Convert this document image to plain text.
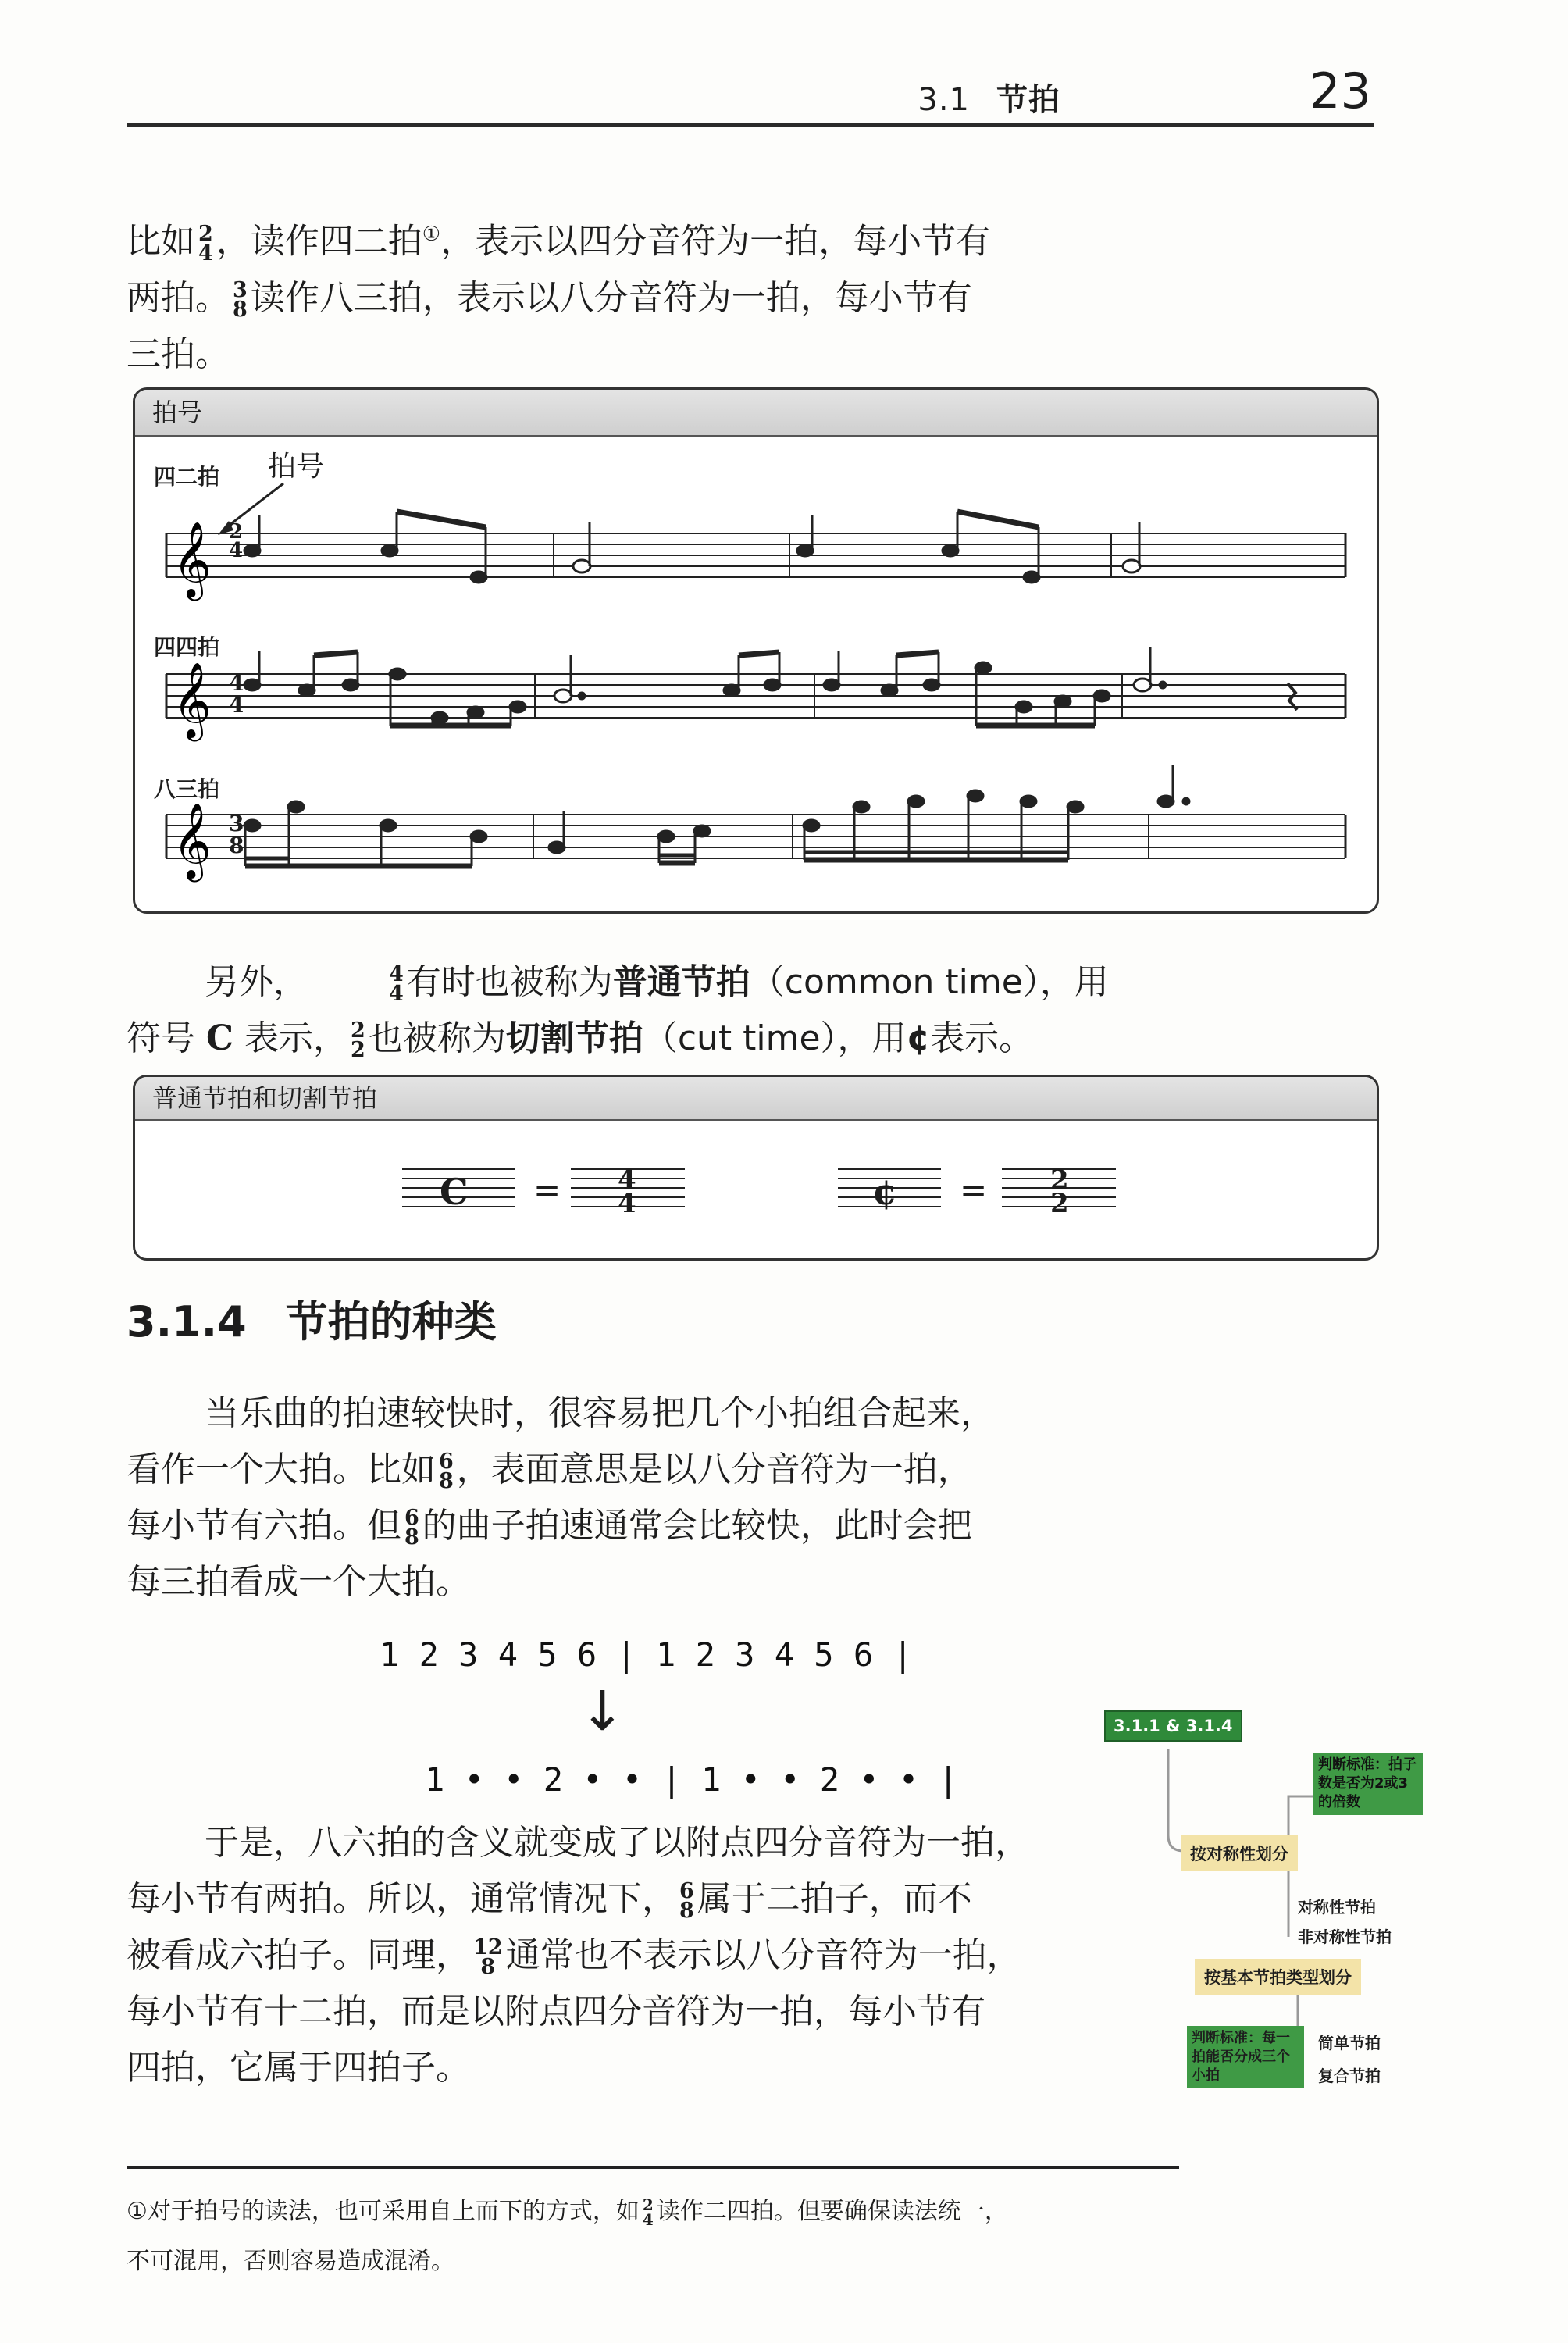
3.1 节拍	23

比如 2
4 ，读作四二拍①，表示以四分音符为一拍，每小节有

两拍。 3
8 读作八三拍，表示以八分音符为一拍，每小节有

三拍。

拍号
四二拍
四四拍
八三拍
拍号
𝄞
𝄞
𝄞
2
4
4
4
3
8

另外，	4
4 有时也被称为普通节拍（common time），用

符号 C 表示， 2
2 也被称为切割节拍（cut time），用¢表示。

普通节拍和切割节拍
C = 4
4	¢ = 2
2
3.1.4 节拍的种类

当乐曲的拍速较快时，很容易把几个小拍组合起来，

看作一个大拍。比如 6
8 ，表面意思是以八分音符为一拍，

每小节有六拍。但 6
8 的曲子拍速通常会比较快，此时会把

每三拍看成一个大拍。

1 2 3 4 5 6 | 1 2 3 4 5 6 |
↓
1 • • 2 • • | 1 • • 2 • • |

于是，八六拍的含义就变成了以附点四分音符为一拍，

每小节有两拍。所以，通常情况下， 6
8 属于二拍子，而不

被看成六拍子。同理， 12
8 通常也不表示以八分音符为一拍，

每小节有十二拍，而是以附点四分音符为一拍，每小节有

四拍，它属于四拍子。

3.1.1 & 3.1.4
判断标准：拍子数是否为2或3的倍数
按对称性划分
对称性节拍
非对称性节拍
按基本节拍类型划分
判断标准：每一拍能否分成三个小拍
简单节拍
复合节拍

①对于拍号的读法，也可采用自上而下的方式，如 2
4 读作二四拍。但要确保读法统一，

不可混用，否则容易造成混淆。
